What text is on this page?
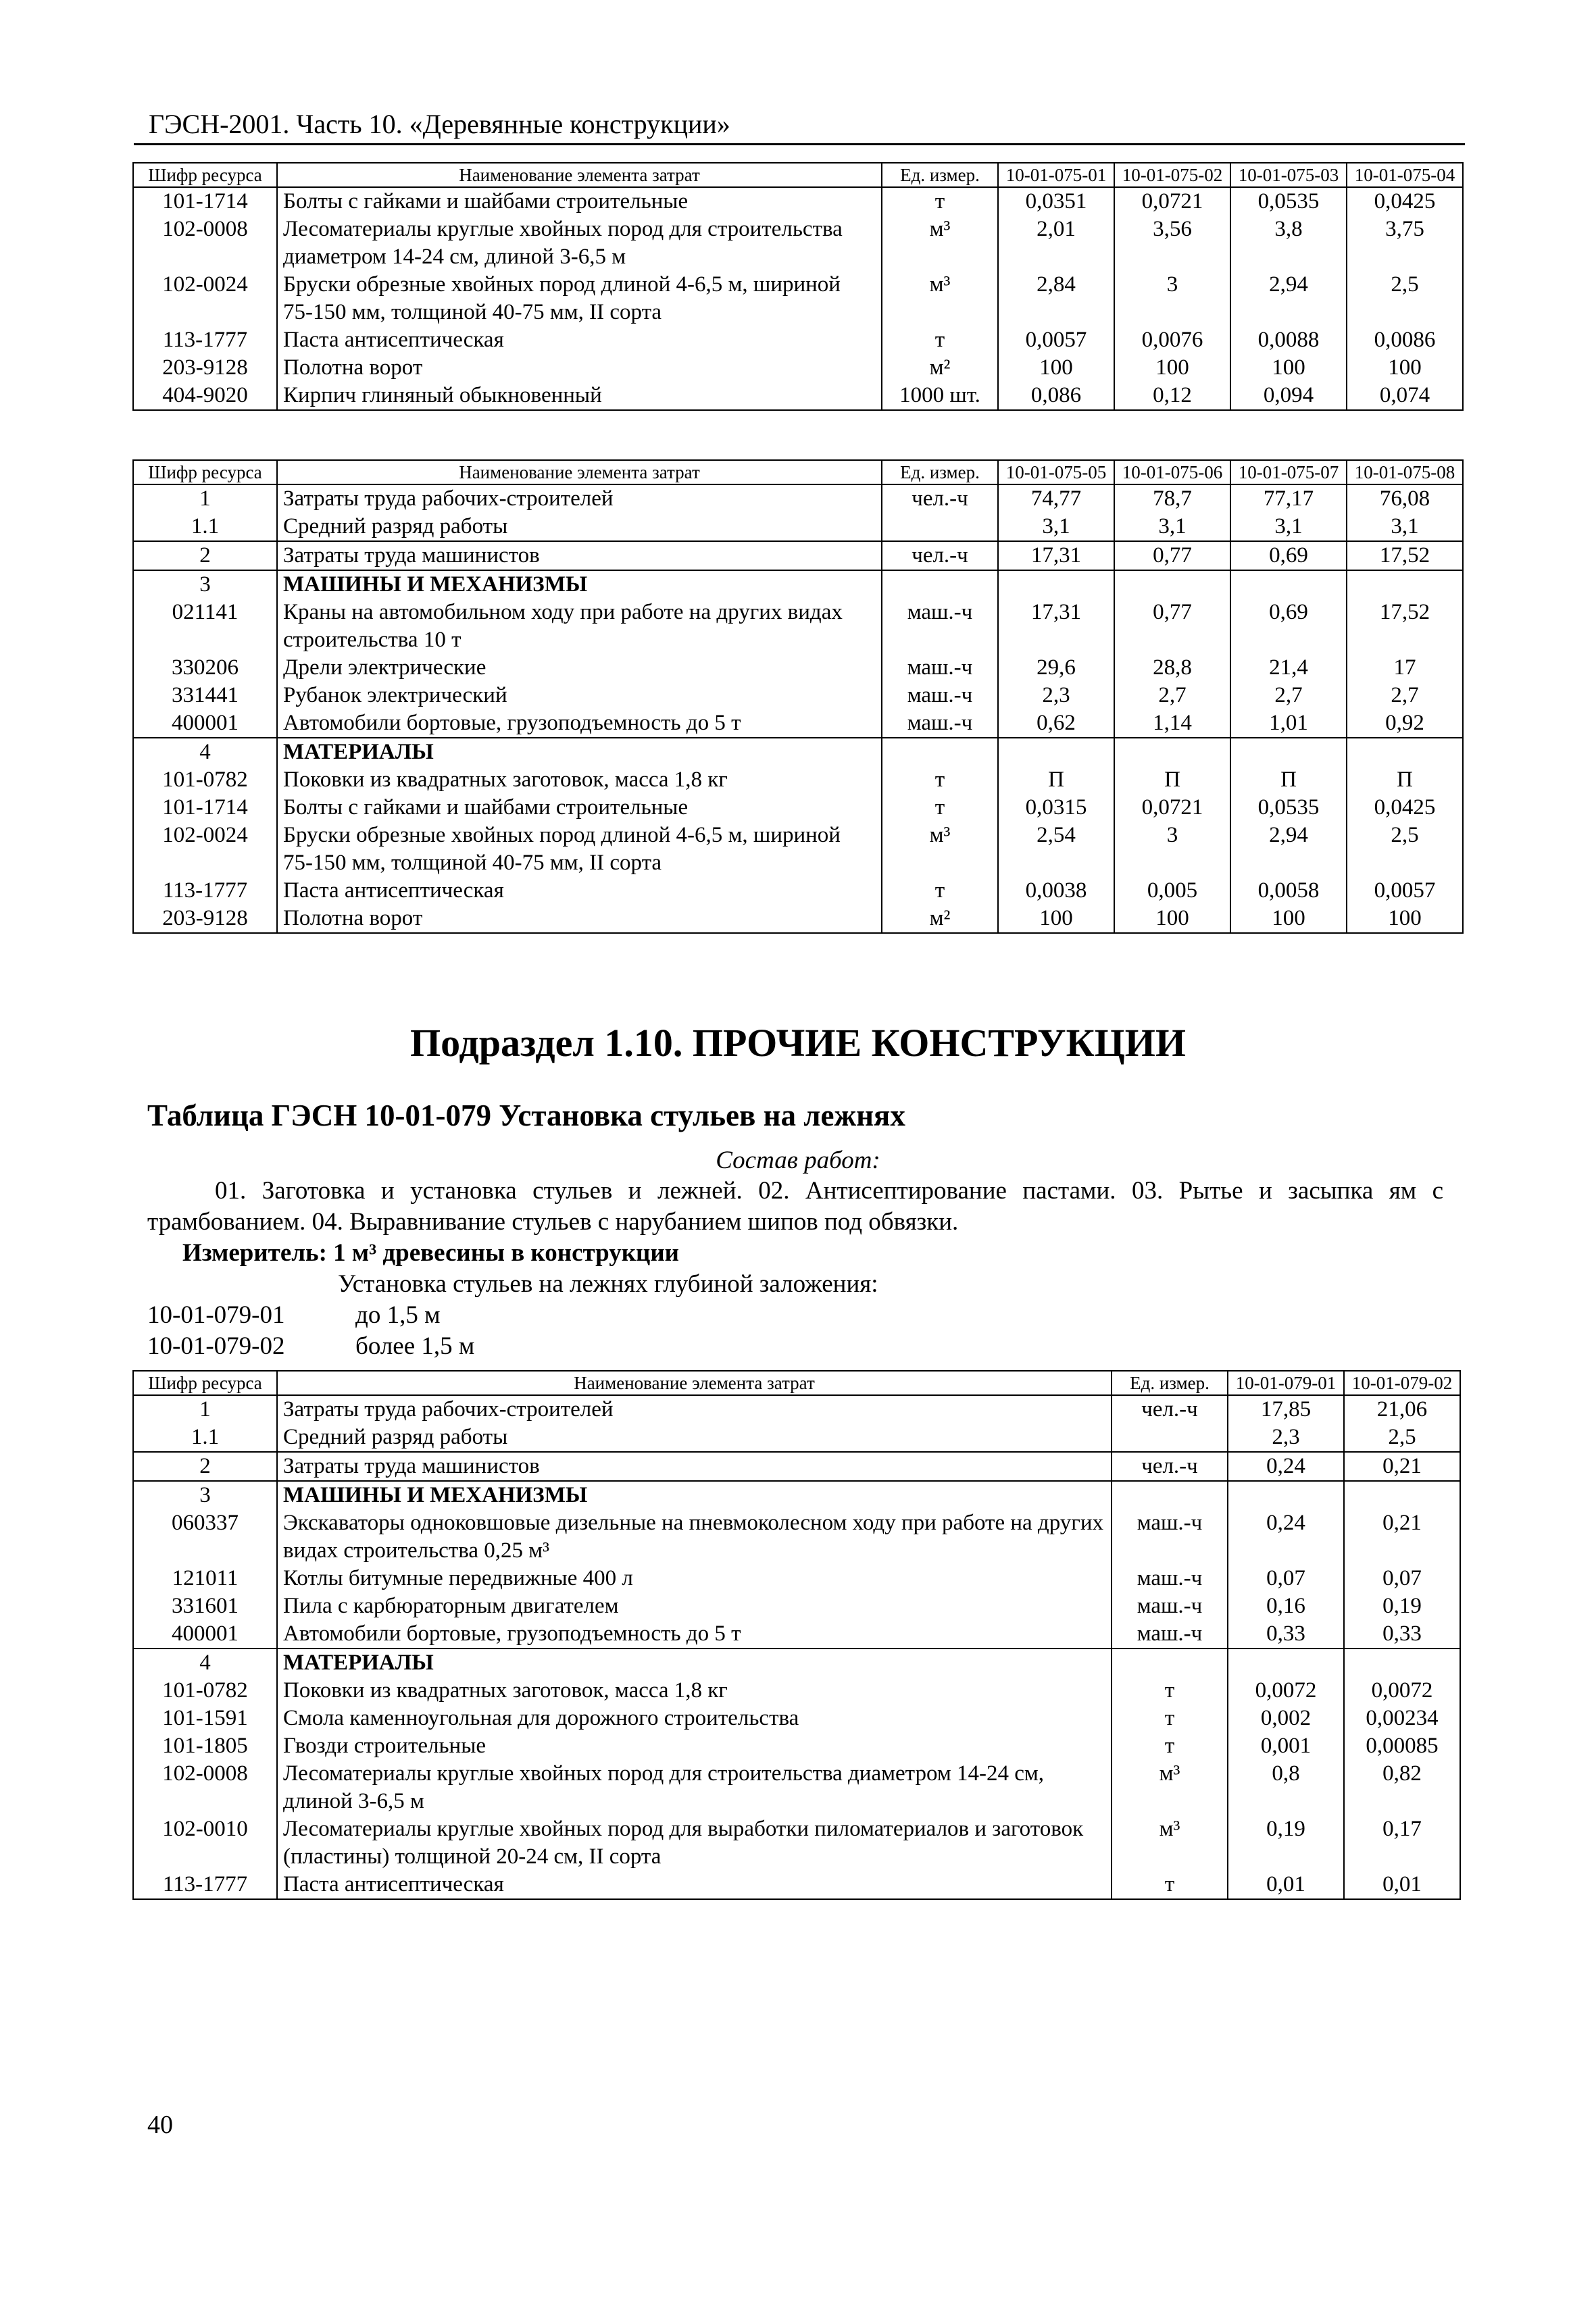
ГЭСН-2001. Часть 10. «Деревянные конструкции»
Шифр ресурса	Наименование элемента затрат	Ед. измер.	10-01-075-01	10-01-075-02	10-01-075-03	10-01-075-04
101-1714	Болты с гайками и шайбами строительные	т	0,0351	0,0721	0,0535	0,0425
102-0008	Лесоматериалы круглые хвойных пород для строительства диаметром 14-24 см, длиной 3-6,5 м	м³	2,01	3,56	3,8	3,75
102-0024	Бруски обрезные хвойных пород длиной 4-6,5 м, шириной 75-150 мм, толщиной 40-75 мм, II сорта	м³	2,84	3	2,94	2,5
113-1777	Паста антисептическая	т	0,0057	0,0076	0,0088	0,0086
203-9128	Полотна ворот	м²	100	100	100	100
404-9020	Кирпич глиняный обыкновенный	1000 шт.	0,086	0,12	0,094	0,074
Шифр ресурса	Наименование элемента затрат	Ед. измер.	10-01-075-05	10-01-075-06	10-01-075-07	10-01-075-08
1	Затраты труда рабочих-строителей	чел.-ч	74,77	78,7	77,17	76,08
1.1	Средний разряд работы		3,1	3,1	3,1	3,1
2	Затраты труда машинистов	чел.-ч	17,31	0,77	0,69	17,52
3	МАШИНЫ И МЕХАНИЗМЫ					
021141	Краны на автомобильном ходу при работе на других видах строительства 10 т	маш.-ч	17,31	0,77	0,69	17,52
330206	Дрели электрические	маш.-ч	29,6	28,8	21,4	17
331441	Рубанок электрический	маш.-ч	2,3	2,7	2,7	2,7
400001	Автомобили бортовые, грузоподъемность до 5 т	маш.-ч	0,62	1,14	1,01	0,92
4	МАТЕРИАЛЫ					
101-0782	Поковки из квадратных заготовок, масса 1,8 кг	т	П	П	П	П
101-1714	Болты с гайками и шайбами строительные	т	0,0315	0,0721	0,0535	0,0425
102-0024	Бруски обрезные хвойных пород длиной 4-6,5 м, шириной 75-150 мм, толщиной 40-75 мм, II сорта	м³	2,54	3	2,94	2,5
113-1777	Паста антисептическая	т	0,0038	0,005	0,0058	0,0057
203-9128	Полотна ворот	м²	100	100	100	100
Подраздел 1.10. ПРОЧИЕ КОНСТРУКЦИИ
Таблица ГЭСН 10-01-079 Установка стульев на лежнях
Состав работ:
01. Заготовка и установка стульев и лежней. 02. Антисептирование пастами. 03. Рытье и засыпка ям с трамбованием. 04. Выравнивание стульев с нарубанием шипов под обвязки.
Измеритель: 1 м³ древесины в конструкции
Установка стульев на лежнях глубиной заложения:
10-01-079-01	до 1,5 м
10-01-079-02	более 1,5 м
Шифр ресурса	Наименование элемента затрат	Ед. измер.	10-01-079-01	10-01-079-02
1	Затраты труда рабочих-строителей	чел.-ч	17,85	21,06
1.1	Средний разряд работы		2,3	2,5
2	Затраты труда машинистов	чел.-ч	0,24	0,21
3	МАШИНЫ И МЕХАНИЗМЫ			
060337	Экскаваторы одноковшовые дизельные на пневмоколесном ходу при работе на других видах строительства 0,25 м³	маш.-ч	0,24	0,21
121011	Котлы битумные передвижные 400 л	маш.-ч	0,07	0,07
331601	Пила с карбюраторным двигателем	маш.-ч	0,16	0,19
400001	Автомобили бортовые, грузоподъемность до 5 т	маш.-ч	0,33	0,33
4	МАТЕРИАЛЫ			
101-0782	Поковки из квадратных заготовок, масса 1,8 кг	т	0,0072	0,0072
101-1591	Смола каменноугольная для дорожного строительства	т	0,002	0,00234
101-1805	Гвозди строительные	т	0,001	0,00085
102-0008	Лесоматериалы круглые хвойных пород для строительства диаметром 14-24 см, длиной 3-6,5 м	м³	0,8	0,82
102-0010	Лесоматериалы круглые хвойных пород для выработки пиломатериалов и заготовок (пластины) толщиной 20-24 см, II сорта	м³	0,19	0,17
113-1777	Паста антисептическая	т	0,01	0,01
40
